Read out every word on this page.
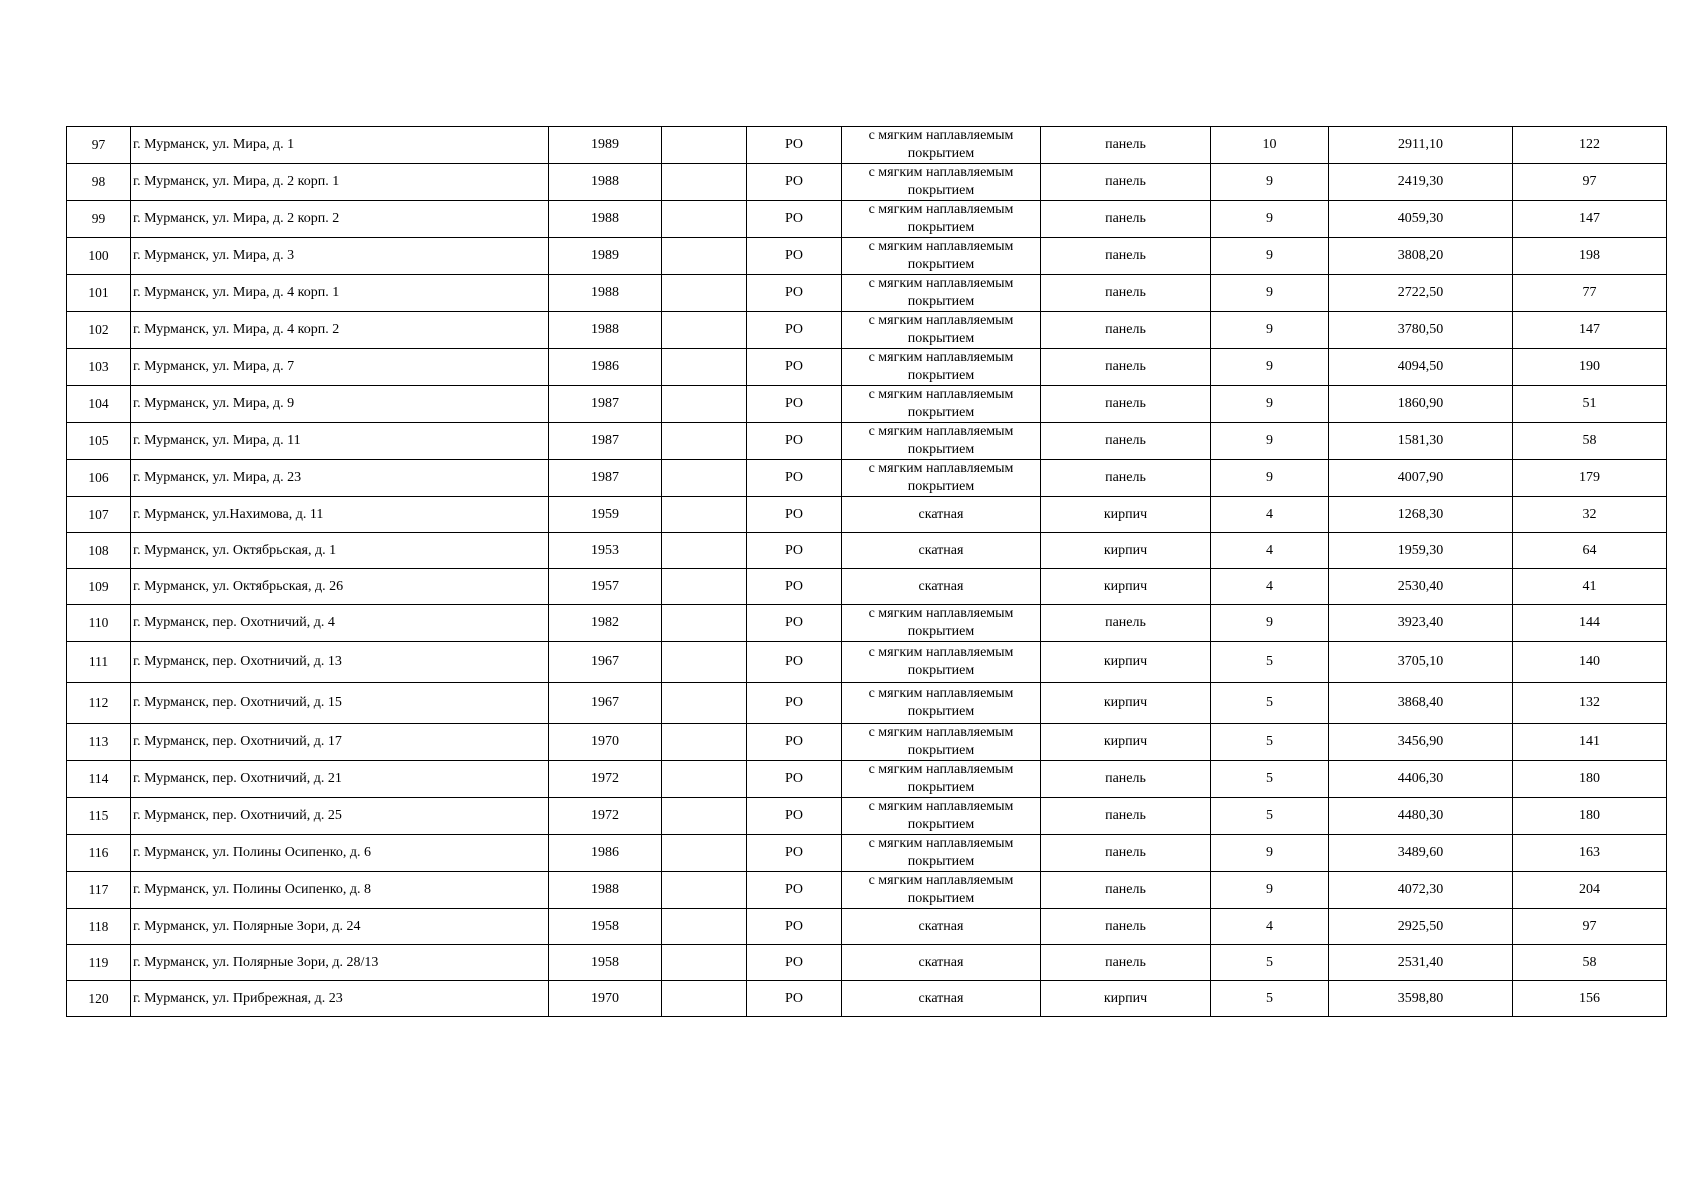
97	г. Мурманск, ул. Мира, д. 1	1989		РО	с мягким наплавляемым покрытием	панель	10	2911,10	122
98	г. Мурманск, ул. Мира, д. 2 корп. 1	1988		РО	с мягким наплавляемым покрытием	панель	9	2419,30	97
99	г. Мурманск, ул. Мира, д. 2 корп. 2	1988		РО	с мягким наплавляемым покрытием	панель	9	4059,30	147
100	г. Мурманск, ул. Мира, д. 3	1989		РО	с мягким наплавляемым покрытием	панель	9	3808,20	198
101	г. Мурманск, ул. Мира, д. 4 корп. 1	1988		РО	с мягким наплавляемым покрытием	панель	9	2722,50	77
102	г. Мурманск, ул. Мира, д. 4 корп. 2	1988		РО	с мягким наплавляемым покрытием	панель	9	3780,50	147
103	г. Мурманск, ул. Мира, д. 7	1986		РО	с мягким наплавляемым покрытием	панель	9	4094,50	190
104	г. Мурманск, ул. Мира, д. 9	1987		РО	с мягким наплавляемым покрытием	панель	9	1860,90	51
105	г. Мурманск, ул. Мира, д. 11	1987		РО	с мягким наплавляемым покрытием	панель	9	1581,30	58
106	г. Мурманск, ул. Мира, д. 23	1987		РО	с мягким наплавляемым покрытием	панель	9	4007,90	179
107	г. Мурманск, ул.Нахимова, д. 11	1959		РО	скатная	кирпич	4	1268,30	32
108	г. Мурманск, ул. Октябрьская, д. 1	1953		РО	скатная	кирпич	4	1959,30	64
109	г. Мурманск, ул. Октябрьская, д. 26	1957		РО	скатная	кирпич	4	2530,40	41
110	г. Мурманск, пер. Охотничий, д. 4	1982		РО	с мягким наплавляемым покрытием	панель	9	3923,40	144
111	г. Мурманск, пер. Охотничий, д. 13	1967		РО	с мягким наплавляемым покрытием	кирпич	5	3705,10	140
112	г. Мурманск, пер. Охотничий, д. 15	1967		РО	с мягким наплавляемым покрытием	кирпич	5	3868,40	132
113	г. Мурманск, пер. Охотничий, д. 17	1970		РО	с мягким наплавляемым покрытием	кирпич	5	3456,90	141
114	г. Мурманск, пер. Охотничий, д. 21	1972		РО	с мягким наплавляемым покрытием	панель	5	4406,30	180
115	г. Мурманск, пер. Охотничий, д. 25	1972		РО	с мягким наплавляемым покрытием	панель	5	4480,30	180
116	г. Мурманск, ул. Полины Осипенко, д. 6	1986		РО	с мягким наплавляемым покрытием	панель	9	3489,60	163
117	г. Мурманск, ул. Полины Осипенко, д. 8	1988		РО	с мягким наплавляемым покрытием	панель	9	4072,30	204
118	г. Мурманск, ул. Полярные Зори, д. 24	1958		РО	скатная	панель	4	2925,50	97
119	г. Мурманск, ул. Полярные Зори, д. 28/13	1958		РО	скатная	панель	5	2531,40	58
120	г. Мурманск, ул. Прибрежная, д. 23	1970		РО	скатная	кирпич	5	3598,80	156
